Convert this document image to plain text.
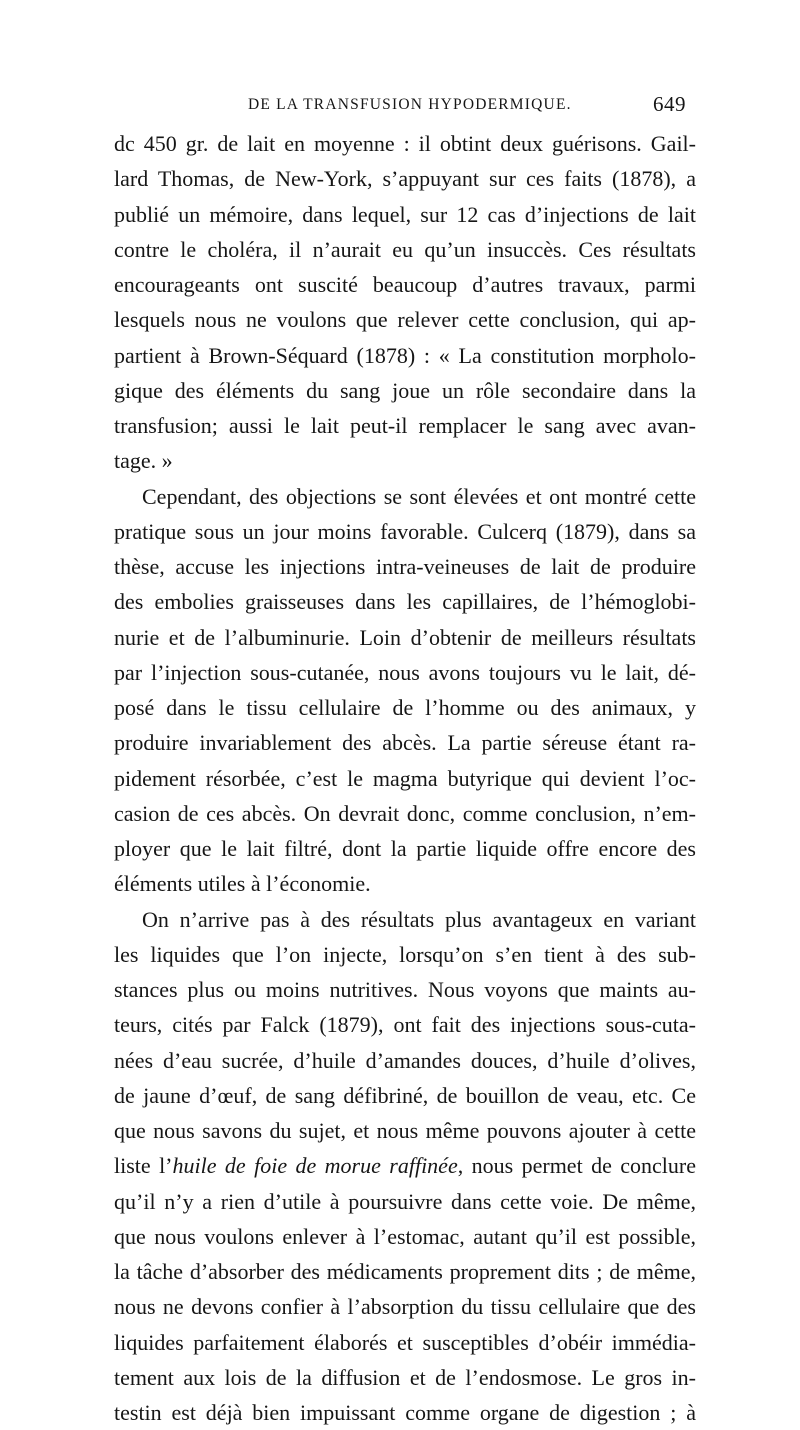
DE LA TRANSFUSION HYPODERMIQUE.	649
dc 450 gr. de lait en moyenne : il obtint deux guérisons. Gail-
lard Thomas, de New-York, s’appuyant sur ces faits (1878), a
publié un mémoire, dans lequel, sur 12 cas d’injections de lait
contre le choléra, il n’aurait eu qu’un insuccès. Ces résultats
encourageants ont suscité beaucoup d’autres travaux, parmi
lesquels nous ne voulons que relever cette conclusion, qui ap-
partient à Brown-Séquard (1878) : « La constitution morpholo-
gique des éléments du sang joue un rôle secondaire dans la
transfusion; aussi le lait peut-il remplacer le sang avec avan-
tage. »
Cependant, des objections se sont élevées et ont montré cette
pratique sous un jour moins favorable. Culcerq (1879), dans sa
thèse, accuse les injections intra-veineuses de lait de produire
des embolies graisseuses dans les capillaires, de l’hémoglobi-
nurie et de l’albuminurie. Loin d’obtenir de meilleurs résultats
par l’injection sous-cutanée, nous avons toujours vu le lait, dé-
posé dans le tissu cellulaire de l’homme ou des animaux, y
produire invariablement des abcès. La partie séreuse étant ra-
pidement résorbée, c’est le magma butyrique qui devient l’oc-
casion de ces abcès. On devrait donc, comme conclusion, n’em-
ployer que le lait filtré, dont la partie liquide offre encore des
éléments utiles à l’économie.
On n’arrive pas à des résultats plus avantageux en variant
les liquides que l’on injecte, lorsqu’on s’en tient à des sub-
stances plus ou moins nutritives. Nous voyons que maints au-
teurs, cités par Falck (1879), ont fait des injections sous-cuta-
nées d’eau sucrée, d’huile d’amandes douces, d’huile d’olives,
de jaune d’œuf, de sang défibriné, de bouillon de veau, etc. Ce
que nous savons du sujet, et nous même pouvons ajouter à cette
liste l’huile de foie de morue raffinée, nous permet de conclure
qu’il n’y a rien d’utile à poursuivre dans cette voie. De même,
que nous voulons enlever à l’estomac, autant qu’il est possible,
la tâche d’absorber des médicaments proprement dits ; de même,
nous ne devons confier à l’absorption du tissu cellulaire que des
liquides parfaitement élaborés et susceptibles d’obéir immédia-
tement aux lois de la diffusion et de l’endosmose. Le gros in-
testin est déjà bien impuissant comme organe de digestion ; à
